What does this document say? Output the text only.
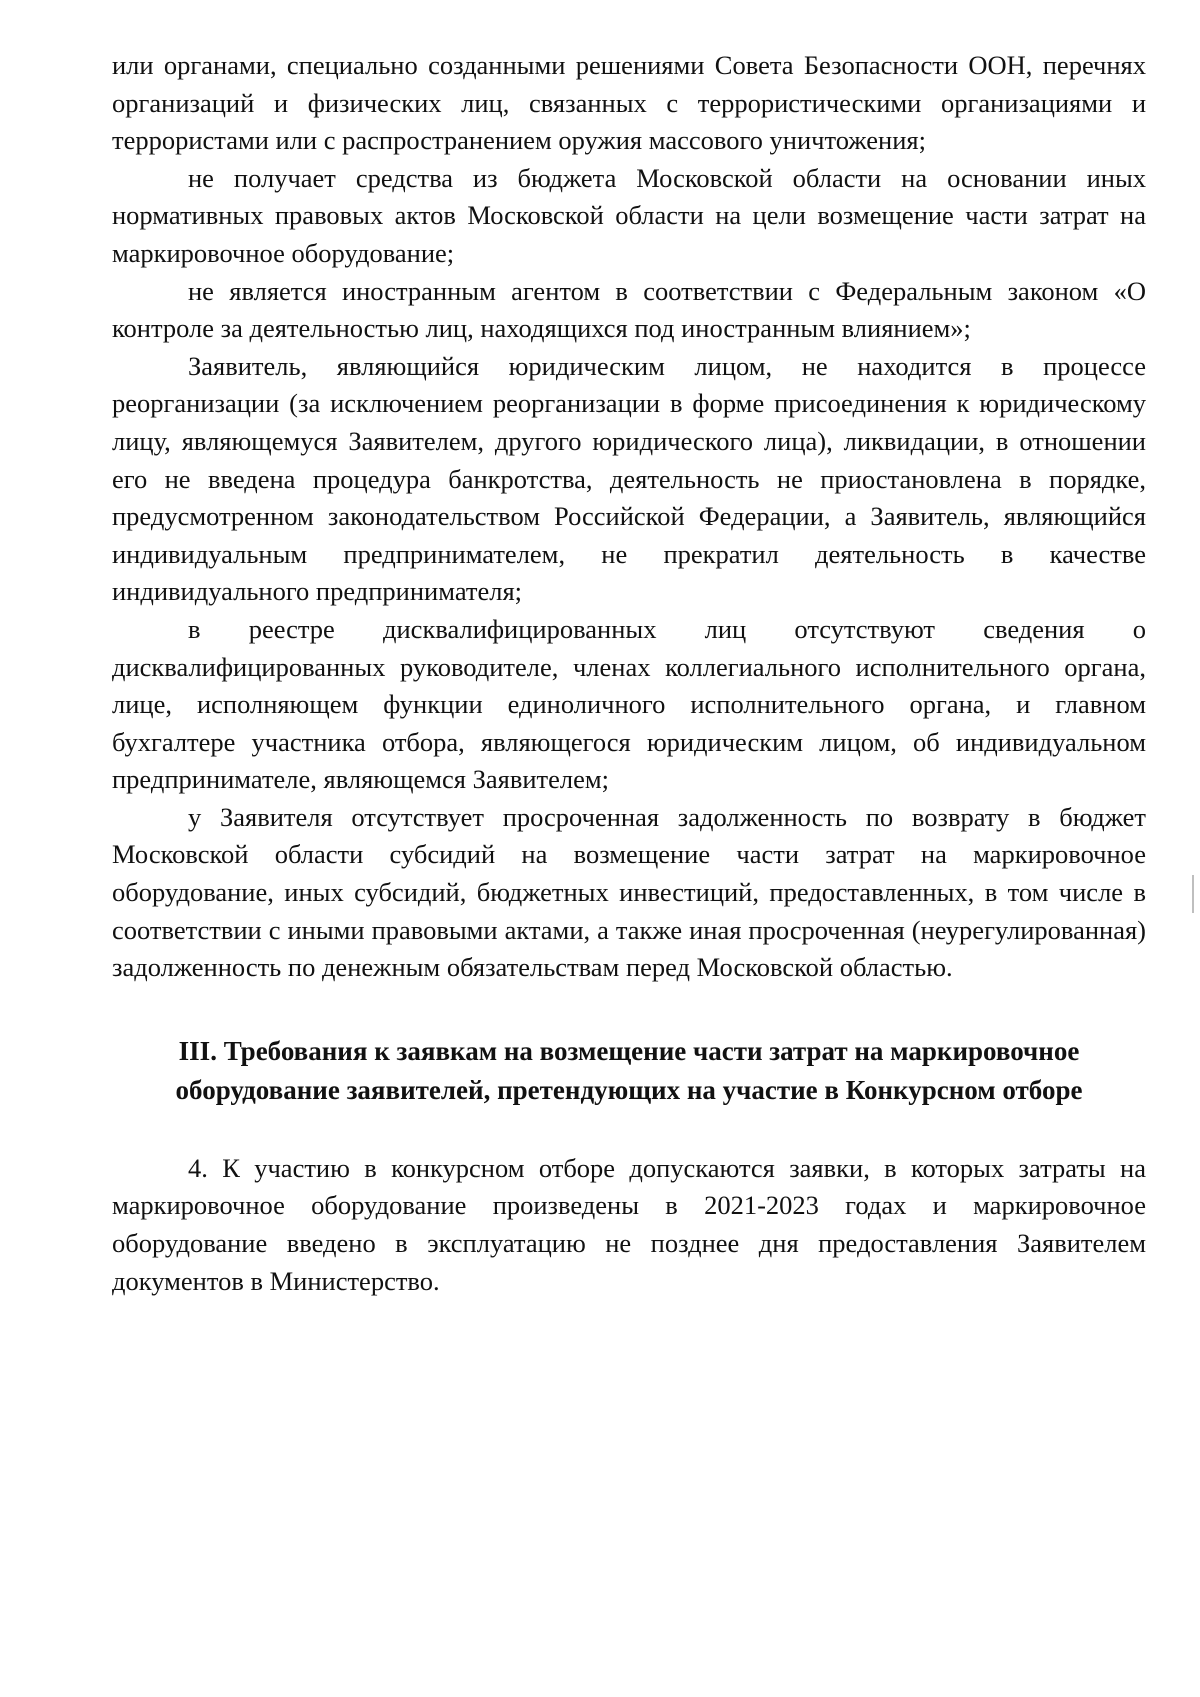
или органами, специально созданными решениями Совета Безопасности ООН, перечнях организаций и физических лиц, связанных с террористическими организациями и террористами или с распространением оружия массового уничтожения;

не получает средства из бюджета Московской области на основании иных нормативных правовых актов Московской области на цели возмещение части затрат на маркировочное оборудование;

не является иностранным агентом в соответствии с Федеральным законом «О контроле за деятельностью лиц, находящихся под иностранным влиянием»;

Заявитель, являющийся юридическим лицом, не находится в процессе реорганизации (за исключением реорганизации в форме присоединения к юридическому лицу, являющемуся Заявителем, другого юридического лица), ликвидации, в отношении его не введена процедура банкротства, деятельность не приостановлена в порядке, предусмотренном законодательством Российской Федерации, а Заявитель, являющийся индивидуальным предпринимателем, не прекратил деятельность в качестве индивидуального предпринимателя;

в реестре дисквалифицированных лиц отсутствуют сведения о дисквалифицированных руководителе, членах коллегиального исполнительного органа, лице, исполняющем функции единоличного исполнительного органа, и главном бухгалтере участника отбора, являющегося юридическим лицом, об индивидуальном предпринимателе, являющемся Заявителем;

у Заявителя отсутствует просроченная задолженность по возврату в бюджет Московской области субсидий на возмещение части затрат на маркировочное оборудование, иных субсидий, бюджетных инвестиций, предоставленных, в том числе в соответствии с иными правовыми актами, а также иная просроченная (неурегулированная) задолженность по денежным обязательствам перед Московской областью.

III. Требования к заявкам на возмещение части затрат на маркировочное
оборудование заявителей, претендующих на участие в Конкурсном отборе

4. К участию в конкурсном отборе допускаются заявки, в которых затраты на маркировочное оборудование произведены в 2021-2023 годах и маркировочное оборудование введено в эксплуатацию не позднее дня предоставления Заявителем документов в Министерство.
